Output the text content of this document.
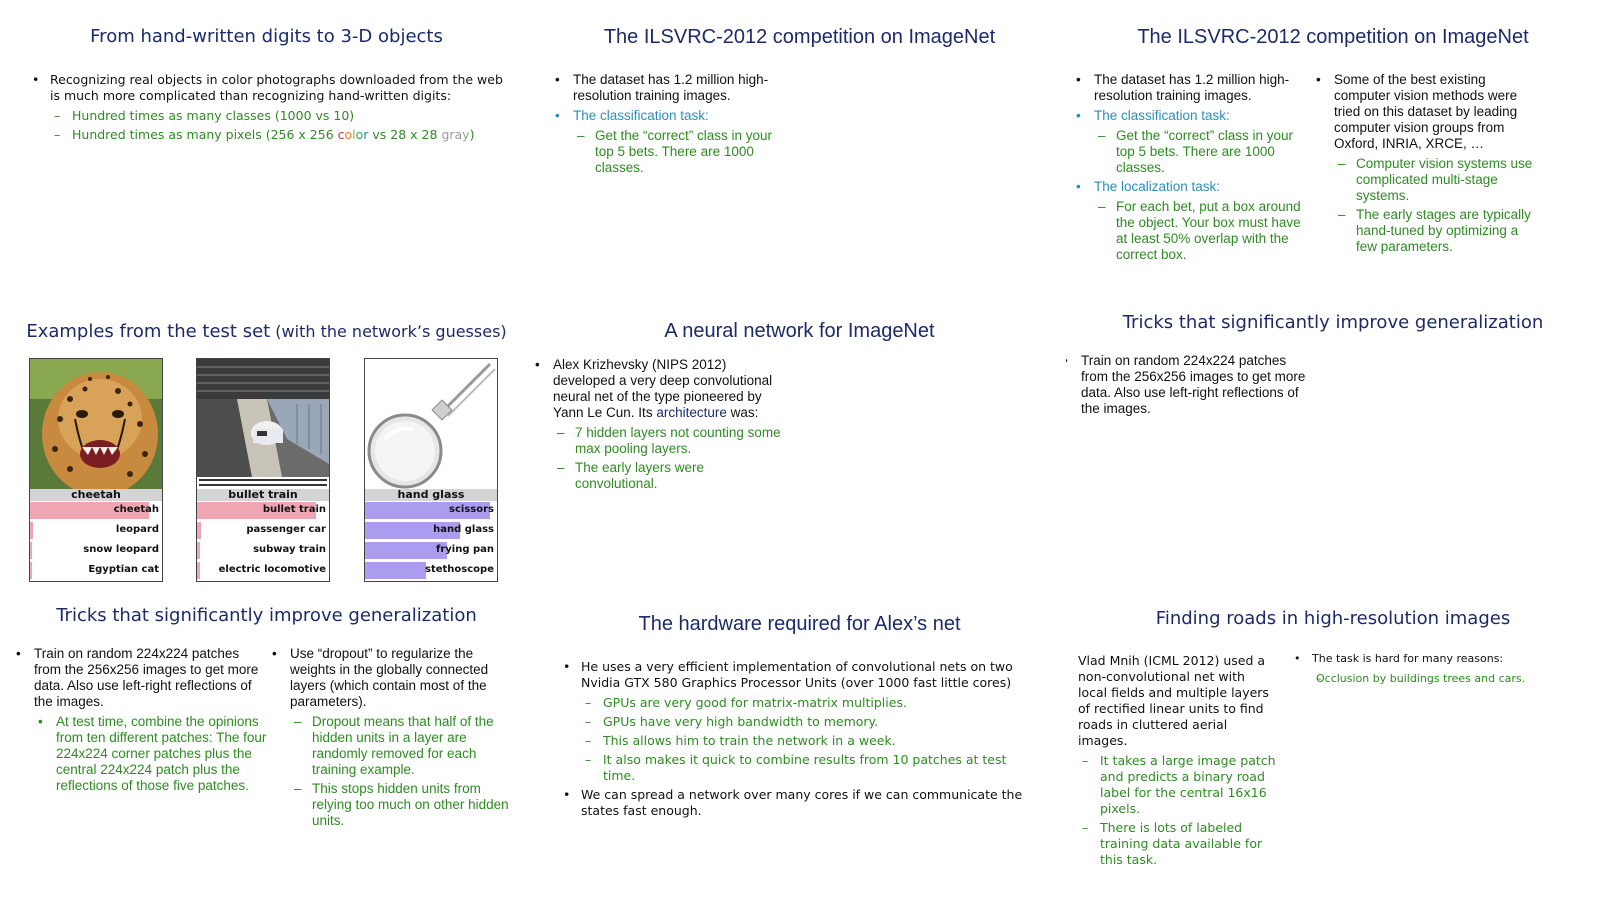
From hand-written digits to 3-D objects
• Recognizing real objects in color photographs downloaded from the web is much more complicated than recognizing hand-written digits:
– Hundred times as many classes (1000 vs 10)
– Hundred times as many pixels (256 x 256 color vs 28 x 28 gray)
The ILSVRC-2012 competition on ImageNet
• The dataset has 1.2 million high-resolution training images.
• The classification task:
– Get the “correct” class in your top 5 bets. There are 1000 classes.
The ILSVRC-2012 competition on ImageNet
• The dataset has 1.2 million high-resolution training images.
• The classification task:
– Get the “correct” class in your top 5 bets. There are 1000 classes.
• The localization task:
– For each bet, put a box around the object. Your box must have at least 50% overlap with the correct box.
• Some of the best existing computer vision methods were tried on this dataset by leading computer vision groups from Oxford, INRIA, XRCE, …
– Computer vision systems use complicated multi-stage systems.
– The early stages are typically hand-tuned by optimizing a few parameters.
Examples from the test set (with the network’s guesses)
cheetah
cheetah
leopard
snow leopard
Egyptian cat
bullet train
bullet train
passenger car
subway train
electric locomotive
hand glass
scissors
hand glass
frying pan
stethoscope
A neural network for ImageNet
• Alex Krizhevsky (NIPS 2012) developed a very deep convolutional neural net of the type pioneered by Yann Le Cun. Its architecture was:
– 7 hidden layers not counting some max pooling layers.
– The early layers were convolutional.
Tricks that significantly improve generalization
• Train on random 224x224 patches from the 256x256 images to get more data. Also use left-right reflections of the images.
Tricks that significantly improve generalization
• Train on random 224x224 patches from the 256x256 images to get more data. Also use left-right reflections of the images.
• At test time, combine the opinions from ten different patches: The four 224x224 corner patches plus the central 224x224 patch plus the reflections of those five patches.
• Use “dropout” to regularize the weights in the globally connected layers (which contain most of the parameters).
– Dropout means that half of the hidden units in a layer are randomly removed for each training example.
– This stops hidden units from relying too much on other hidden units.
The hardware required for Alex’s net
• He uses a very efficient implementation of convolutional nets on two Nvidia GTX 580 Graphics Processor Units (over 1000 fast little cores)
– GPUs are very good for matrix-matrix multiplies.
– GPUs have very high bandwidth to memory.
– This allows him to train the network in a week.
– It also makes it quick to combine results from 10 patches at test time.
• We can spread a network over many cores if we can communicate the states fast enough.
Finding roads in high-resolution images
• Vlad Mnih (ICML 2012) used a non-convolutional net with local fields and multiple layers of rectified linear units to find roads in cluttered aerial images.
– It takes a large image patch and predicts a binary road label for the central 16x16 pixels.
– There is lots of labeled training data available for this task.
• The task is hard for many reasons:
– Occlusion by buildings trees and cars.
